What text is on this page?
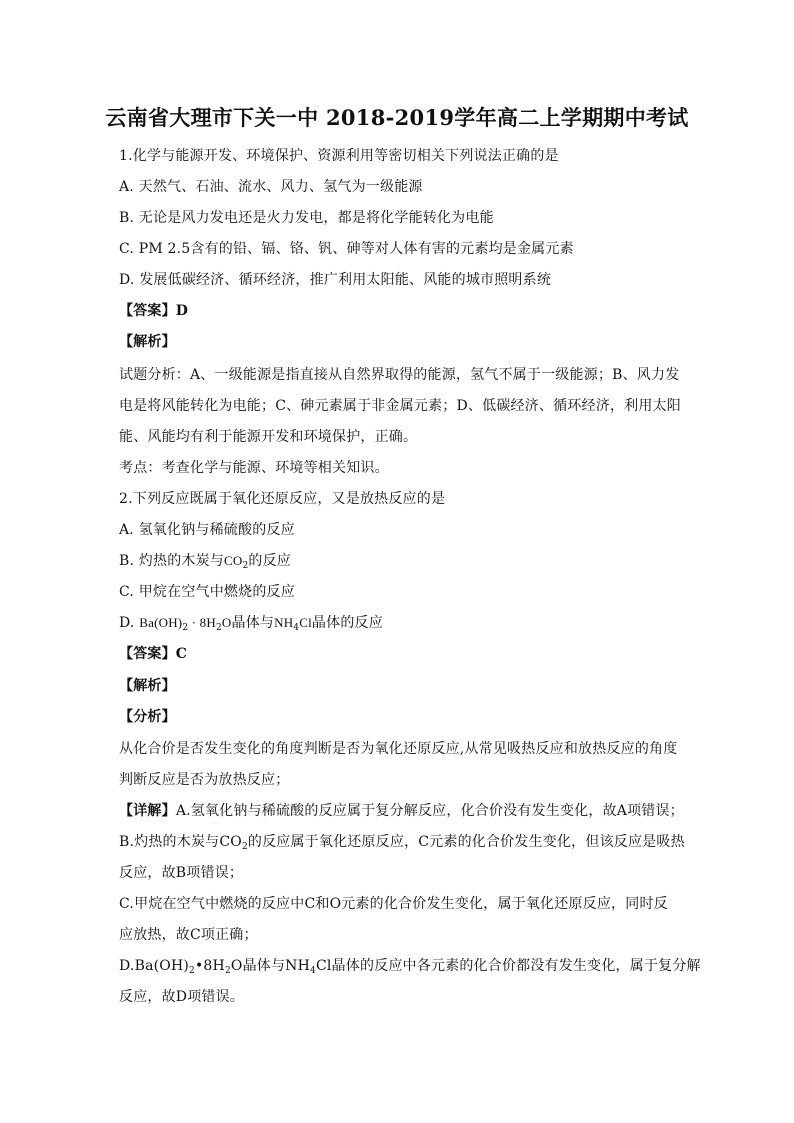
云南省大理市下关一中 2018-2019学年高二上学期期中考试
1.化学与能源开发、环境保护、资源利用等密切相关下列说法正确的是
A. 天然气、石油、流水、风力、氢气为一级能源
B. 无论是风力发电还是火力发电，都是将化学能转化为电能
C. PM 2.5含有的铅、镉、铬、钒、砷等对人体有害的元素均是金属元素
D. 发展低碳经济、循环经济，推广利用太阳能、风能的城市照明系统
【答案】D
【解析】
试题分析：A、一级能源是指直接从自然界取得的能源，氢气不属于一级能源；B、风力发
电是将风能转化为电能；C、砷元素属于非金属元素；D、低碳经济、循环经济，利用太阳
能、风能均有利于能源开发和环境保护，正确。
考点：考查化学与能源、环境等相关知识。
2.下列反应既属于氧化还原反应，又是放热反应的是
A. 氢氧化钠与稀硫酸的反应
B. 灼热的木炭与$CO_2$的反应
C. 甲烷在空气中燃烧的反应
D. $Ba(OH)_2 \cdot 8H_2O$晶体与$NH_4Cl$晶体的反应
【答案】C
【解析】
【分析】
从化合价是否发生变化的角度判断是否为氧化还原反应,从常见吸热反应和放热反应的角度
判断反应是否为放热反应；
【详解】A.氢氧化钠与稀硫酸的反应属于复分解反应，化合价没有发生变化，故A项错误；
B.灼热的木炭与$CO_2$的反应属于氧化还原反应，C元素的化合价发生变化，但该反应是吸热
反应，故B项错误；
C.甲烷在空气中燃烧的反应中C和O元素的化合价发生变化，属于氧化还原反应，同时反
应放热，故C项正确；
$D.Ba(OH)_2•8H_2O$晶体与$NH_4Cl$晶体的反应中各元素的化合价都没有发生变化，属于复分解
反应，故D项错误。
